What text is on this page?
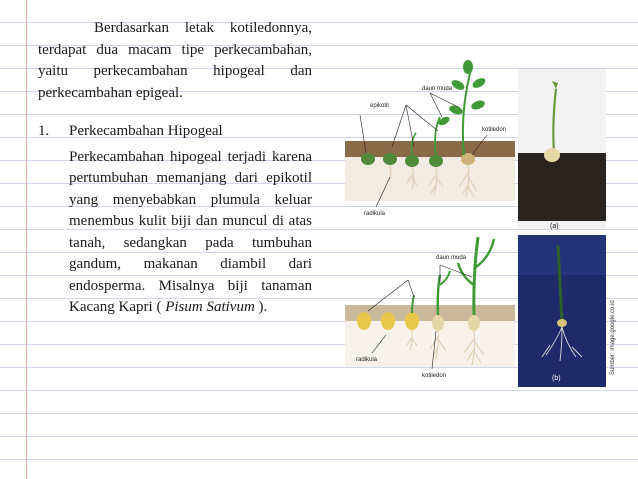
Berdasarkan letak kotiledonnya, terdapat dua macam tipe perkecambahan, yaitu perkecambahan hipogeal dan perkecambahan epigeal.

1. Perkecambahan Hipogeal
Perkecambahan hipogeal terjadi karena pertumbuhan memanjang dari epikotil yang menyebabkan plumula keluar menembus kulit biji dan muncul di atas tanah, sedangkan pada tumbuhan gandum, makanan diambil dari endosperma. Misalnya biji tanaman Kacang Kapri ( Pisum Sativum ).
daun muda
epikotil
kotiledon
radikula
(a)
daun muda
radikula
kotiledon	(b)
Sumber: image.google.co.id
